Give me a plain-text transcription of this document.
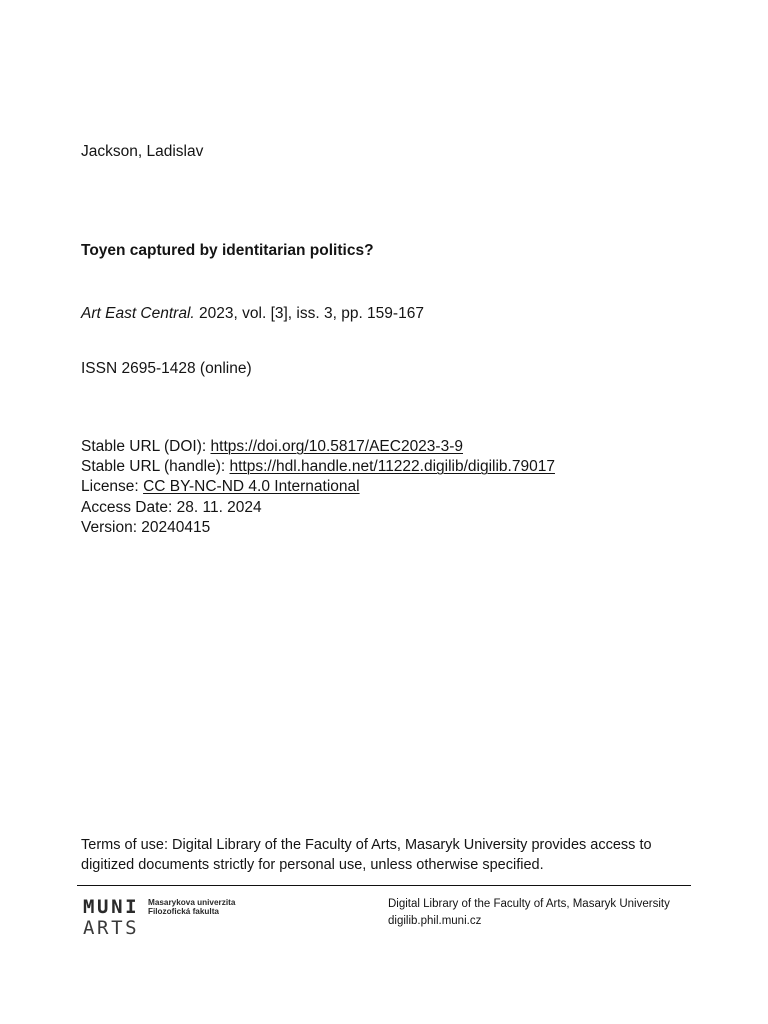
Jackson, Ladislav
Toyen captured by identitarian politics?
Art East Central. 2023, vol. [3], iss. 3, pp. 159-167
ISSN 2695-1428 (online)
Stable URL (DOI): https://doi.org/10.5817/AEC2023-3-9
Stable URL (handle): https://hdl.handle.net/11222.digilib/digilib.79017
License: CC BY-NC-ND 4.0 International
Access Date: 28. 11. 2024
Version: 20240415
Terms of use: Digital Library of the Faculty of Arts, Masaryk University provides access to
digitized documents strictly for personal use, unless otherwise specified.
MUNI
ARTS
Masarykova univerzita
Filozofická fakulta
Digital Library of the Faculty of Arts, Masaryk University
digilib.phil.muni.cz
